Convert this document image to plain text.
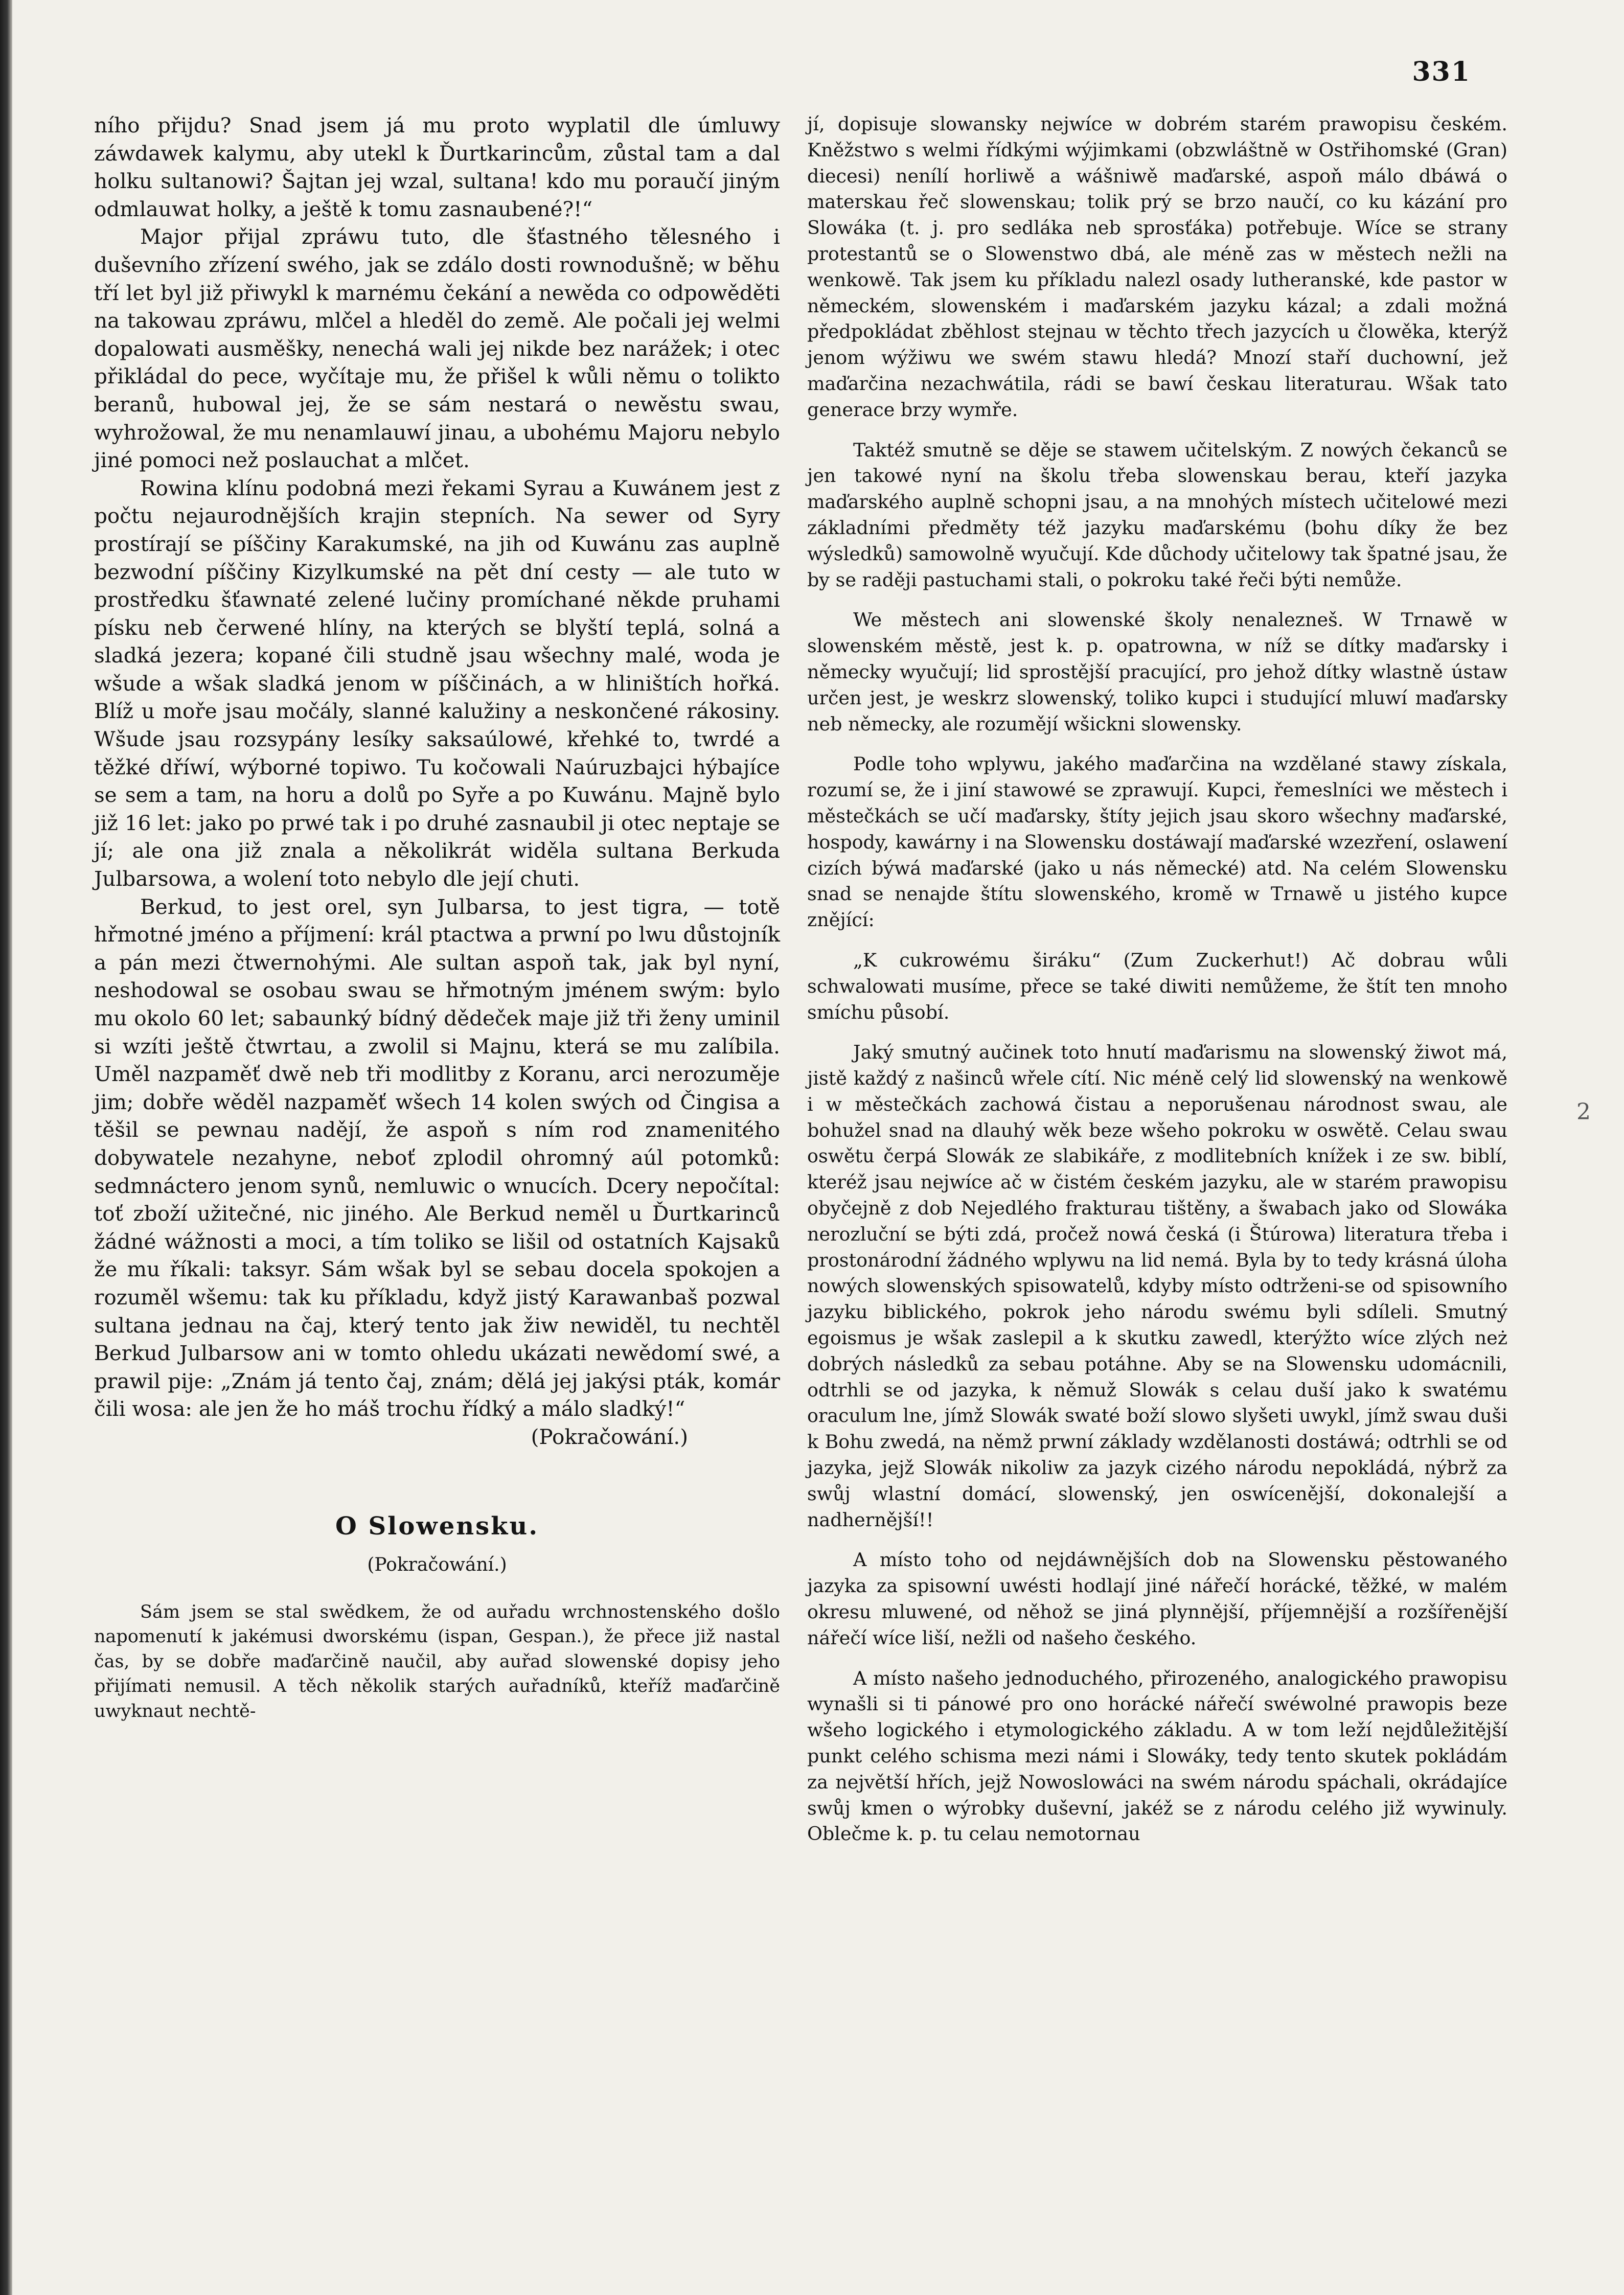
331

ního přijdu? Snad jsem já mu proto wyplatil dle úmluwy záwdawek kalymu, aby utekl k Ďurtkarincům, zůstal tam a dal holku sultanowi? Šajtan jej wzal, sultana! kdo mu poraučí jiným odmlauwat holky, a ještě k tomu zasnaubené?!“

Major přijal zpráwu tuto, dle šťastného tělesného i duševního zřízení swého, jak se zdálo dosti rownodušně; w běhu tří let byl již přiwykl k marnému čekání a newěda co odpowěděti na takowau zpráwu, mlčel a hleděl do země. Ale počali jej welmi dopalowati ausměšky, nenechá wali jej nikde bez narážek; i otec přikládal do pece, wyčítaje mu, že přišel k wůli němu o tolikto beranů, hubowal jej, že se sám nestará o newěstu swau, wyhrožowal, že mu nenamlauwí jinau, a ubohému Majoru nebylo jiné pomoci než poslauchat a mlčet.

Rowina klínu podobná mezi řekami Syrau a Kuwánem jest z počtu nejaurodnějších krajin stepních. Na sewer od Syry prostírají se píščiny Karakumské, na jih od Kuwánu zas auplně bezwodní píščiny Kizylkumské na pět dní cesty — ale tuto w prostředku šťawnaté zelené lučiny promíchané někde pruhami písku neb čerwené hlíny, na kterých se blyští teplá, solná a sladká jezera; kopané čili studně jsau wšechny malé, woda je wšude a wšak sladká jenom w píščinách, a w hliništích hořká. Blíž u moře jsau močály, slanné kalužiny a neskončené rákosiny. Wšude jsau rozsypány lesíky saksaúlowé, křehké to, twrdé a těžké dříwí, wýborné topiwo. Tu kočowali Naúruzbajci hýbajíce se sem a tam, na horu a dolů po Syře a po Kuwánu. Majně bylo již 16 let: jako po prwé tak i po druhé zasnaubil ji otec neptaje se jí; ale ona již znala a několikrát widěla sultana Berkuda Julbarsowa, a wolení toto nebylo dle její chuti.

Berkud, to jest orel, syn Julbarsa, to jest tigra, — totě hřmotné jméno a příjmení: král ptactwa a prwní po lwu důstojník a pán mezi čtwernohými. Ale sultan aspoň tak, jak byl nyní, neshodowal se osobau swau se hřmotným jménem swým: bylo mu okolo 60 let; sabaunký bídný dědeček maje již tři ženy uminil si wzíti ještě čtwrtau, a zwolil si Majnu, která se mu zalíbila. Uměl nazpaměť dwě neb tři modlitby z Koranu, arci nerozuměje jim; dobře wěděl nazpaměť wšech 14 kolen swých od Čingisa a těšil se pewnau nadějí, že aspoň s ním rod znamenitého dobywatele nezahyne, neboť zplodil ohromný aúl potomků: sedmnáctero jenom synů, nemluwic o wnucích. Dcery nepočítal: toť zboží užitečné, nic jiného. Ale Berkud neměl u Ďurtkarinců žádné wážnosti a moci, a tím toliko se lišil od ostatních Kajsaků že mu říkali: taksyr. Sám wšak byl se sebau docela spokojen a rozuměl wšemu: tak ku příkladu, když jistý Karawanbaš pozwal sultana jednau na čaj, který tento jak žiw newiděl, tu nechtěl Berkud Julbarsow ani w tomto ohledu ukázati newědomí swé, a prawil pije: „Znám já tento čaj, znám; dělá jej jakýsi pták, komár čili wosa: ale jen že ho máš trochu řídký a málo sladký!“

(Pokračowání.)

O Slowensku.
(Pokračowání.)

Sám jsem se stal swědkem, že od auřadu wrchnostenského došlo napomenutí k jakémusi dworskému (ispan, Gespan.), že přece již nastal čas, by se dobře maďarčině naučil, aby auřad slowenské dopisy jeho přijímati nemusil. A těch několik starých auřadníků, kteříž maďarčině uwyknaut nechtě-

jí, dopisuje slowansky nejwíce w dobrém starém prawopisu českém. Kněžstwo s welmi řídkými wýjimkami (obzwláštně w Ostřihomské (Gran) diecesi) nenílí horliwě a wášniwě maďarské, aspoň málo dbáwá o materskau řeč slowenskau; tolik prý se brzo naučí, co ku kázání pro Slowáka (t. j. pro sedláka neb sprosťáka) potřebuje. Wíce se strany protestantů se o Slowenstwo dbá, ale méně zas w městech nežli na wenkowě. Tak jsem ku příkladu nalezl osady lutheranské, kde pastor w německém, slowenském i maďarském jazyku kázal; a zdali možná předpokládat zběhlost stejnau w těchto třech jazycích u člowěka, kterýž jenom wýžiwu we swém stawu hledá? Mnozí staří duchowní, jež maďarčina nezachwátila, rádi se bawí českau literaturau. Wšak tato generace brzy wymře.

Taktéž smutně se děje se stawem učitelským. Z nowých čekanců se jen takowé nyní na školu třeba slowenskau berau, kteří jazyka maďarského auplně schopni jsau, a na mnohých místech učitelowé mezi základními předměty též jazyku maďarskému (bohu díky že bez wýsledků) samowolně wyučují. Kde důchody učitelowy tak špatné jsau, že by se raději pastuchami stali, o pokroku také řeči býti nemůže.

We městech ani slowenské školy nenalezneš. W Trnawě w slowenském městě, jest k. p. opatrowna, w níž se dítky maďarsky i německy wyučují; lid sprostější pracující, pro jehož dítky wlastně ústaw určen jest, je weskrz slowenský, toliko kupci i studující mluwí maďarsky neb německy, ale rozumějí wšickni slowensky.

Podle toho wplywu, jakého maďarčina na wzdělané stawy získala, rozumí se, že i jiní stawowé se zprawují. Kupci, řemeslníci we městech i městečkách se učí maďarsky, štíty jejich jsau skoro wšechny maďarské, hospody, kawárny i na Slowensku dostáwají maďarské wzezření, oslawení cizích býwá maďarské (jako u nás německé) atd. Na celém Slowensku snad se nenajde štítu slowenského, kromě w Trnawě u jistého kupce znějící:

„K cukrowému širáku“ (Zum Zuckerhut!) Ač dobrau wůli schwalowati musíme, přece se také diwiti nemůžeme, že štít ten mnoho smíchu působí.

Jaký smutný aučinek toto hnutí maďarismu na slowenský žiwot má, jistě každý z našinců wřele cítí. Nic méně celý lid slowenský na wenkowě i w městečkách zachowá čistau a neporušenau národnost swau, ale bohužel snad na dlauhý wěk beze wšeho pokroku w oswětě. Celau swau oswětu čerpá Slowák ze slabikáře, z modlitebních knížek i ze sw. biblí, kteréž jsau nejwíce ač w čistém českém jazyku, ale w starém prawopisu obyčejně z dob Nejedlého frakturau tištěny, a šwabach jako od Slowáka nerozluční se býti zdá, pročež nowá česká (i Štúrowa) literatura třeba i prostonárodní žádného wplywu na lid nemá. Byla by to tedy krásná úloha nowých slowenských spisowatelů, kdyby místo odtrženi-se od spisowního jazyku biblického, pokrok jeho národu swému byli sdíleli. Smutný egoismus je wšak zaslepil a k skutku zawedl, kterýžto wíce zlých neż dobrých následků za sebau potáhne. Aby se na Slowensku udomácnili, odtrhli se od jazyka, k němuž Slowák s celau duší jako k swatému oraculum lne, jímž Slowák swaté boží slowo slyšeti uwykl, jímž swau duši k Bohu zwedá, na němž prwní základy wzdělanosti dostáwá; odtrhli se od jazyka, jejž Slowák nikoliw za jazyk cizého národu nepokládá, nýbrž za swůj wlastní domácí, slowenský, jen oswícenější, dokonalejší a nadhernější!!

A místo toho od nejdáwnějších dob na Slowensku pěstowaného jazyka za spisowní uwésti hodlají jiné nářečí horácké, těžké, w malém okresu mluwené, od něhož se jiná plynnější, příjemnější a rozšířenější nářečí wíce liší, nežli od našeho českého.

A místo našeho jednoduchého, přirozeného, analogického prawopisu wynašli si ti pánowé pro ono horácké nářečí swéwolné prawopis beze wšeho logického i etymologického základu. A w tom leží nejdůležitější punkt celého schisma mezi námi i Slowáky, tedy tento skutek pokládám za největší hřích, jejž Nowoslowáci na swém národu spáchali, okrádajíce swůj kmen o wýrobky duševní, jakéž se z národu celého již wywinuly. Oblečme k. p. tu celau nemotornau

2
